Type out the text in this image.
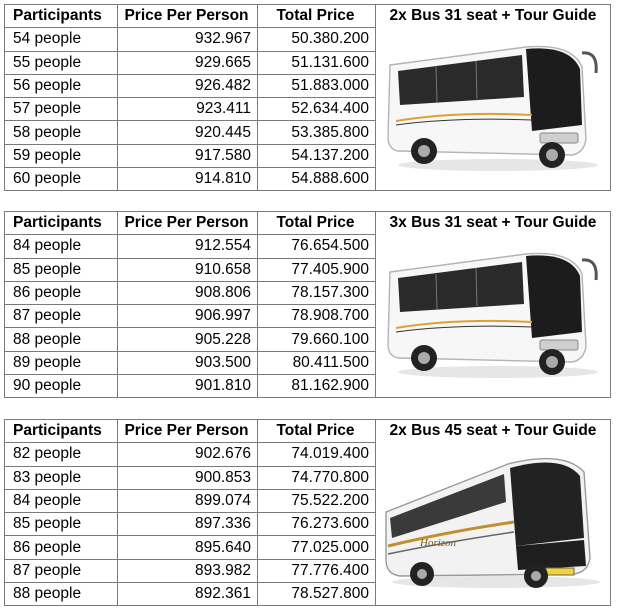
Participants	Price Per Person	Total Price	2x Bus 31 seat + Tour Guide

54 people	932.967	50.380.200	
55 people	929.665	51.131.600	
56 people	926.482	51.883.000	
57 people	923.411	52.634.400	
58 people	920.445	53.385.800	
59 people	917.580	54.137.200	
60 people	914.810	54.888.600	
Participants	Price Per Person	Total Price	3x Bus 31 seat + Tour Guide

84 people	912.554	76.654.500	
85 people	910.658	77.405.900	
86 people	908.806	78.157.300	
87 people	906.997	78.908.700	
88 people	905.228	79.660.100	
89 people	903.500	80.411.500	
90 people	901.810	81.162.900	
Participants	Price Per Person	Total Price	2x Bus 45 seat + Tour Guide
Horizon

82 people	902.676	74.019.400	
83 people	900.853	74.770.800	
84 people	899.074	75.522.200	
85 people	897.336	76.273.600	
86 people	895.640	77.025.000	
87 people	893.982	77.776.400	
88 people	892.361	78.527.800	
